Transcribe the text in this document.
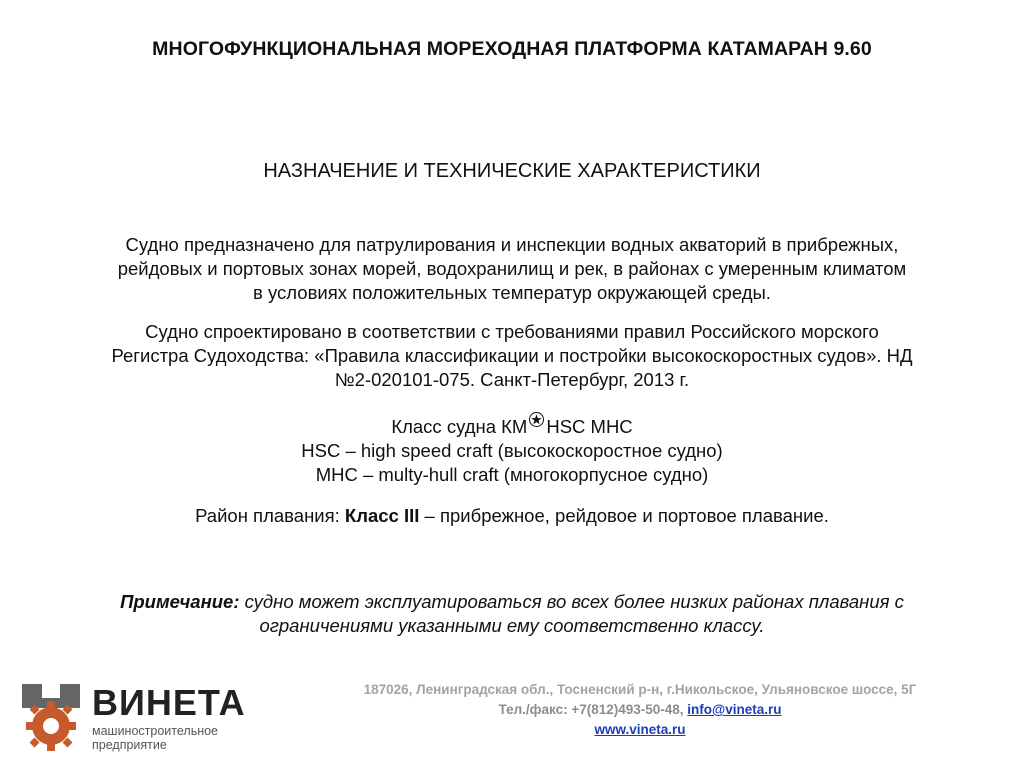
МНОГОФУНКЦИОНАЛЬНАЯ МОРЕХОДНАЯ ПЛАТФОРМА КАТАМАРАН 9.60
НАЗНАЧЕНИЕ И ТЕХНИЧЕСКИЕ ХАРАКТЕРИСТИКИ
Судно предназначено для патрулирования и инспекции водных акваторий в прибрежных,
рейдовых и портовых зонах морей, водохранилищ и рек, в районах с умеренным климатом
в условиях положительных температур окружающей среды.
Судно спроектировано в соответствии с требованиями правил Российского морского
Регистра Судоходства: «Правила классификации и постройки высокоскоростных судов». НД
№2-020101-075. Санкт-Петербург, 2013 г.
Класс судна КМ HSC МНС
HSC – high speed craft (высокоскоростное судно)
МНС – multy-hull craft (многокорпусное судно)
Район плавания: Класс III – прибрежное, рейдовое и портовое плавание.
Примечание: судно может эксплуатироваться во всех более низких районах плавания с
ограничениями указанными ему соответственно классу.
ВИНЕТА
машиностроительное
предприятие
187026, Ленинградская обл., Тосненский р-н, г.Никольское, Ульяновское шоссе, 5Г
Тел./факс: +7(812)493-50-48, info@vineta.ru
www.vineta.ru
